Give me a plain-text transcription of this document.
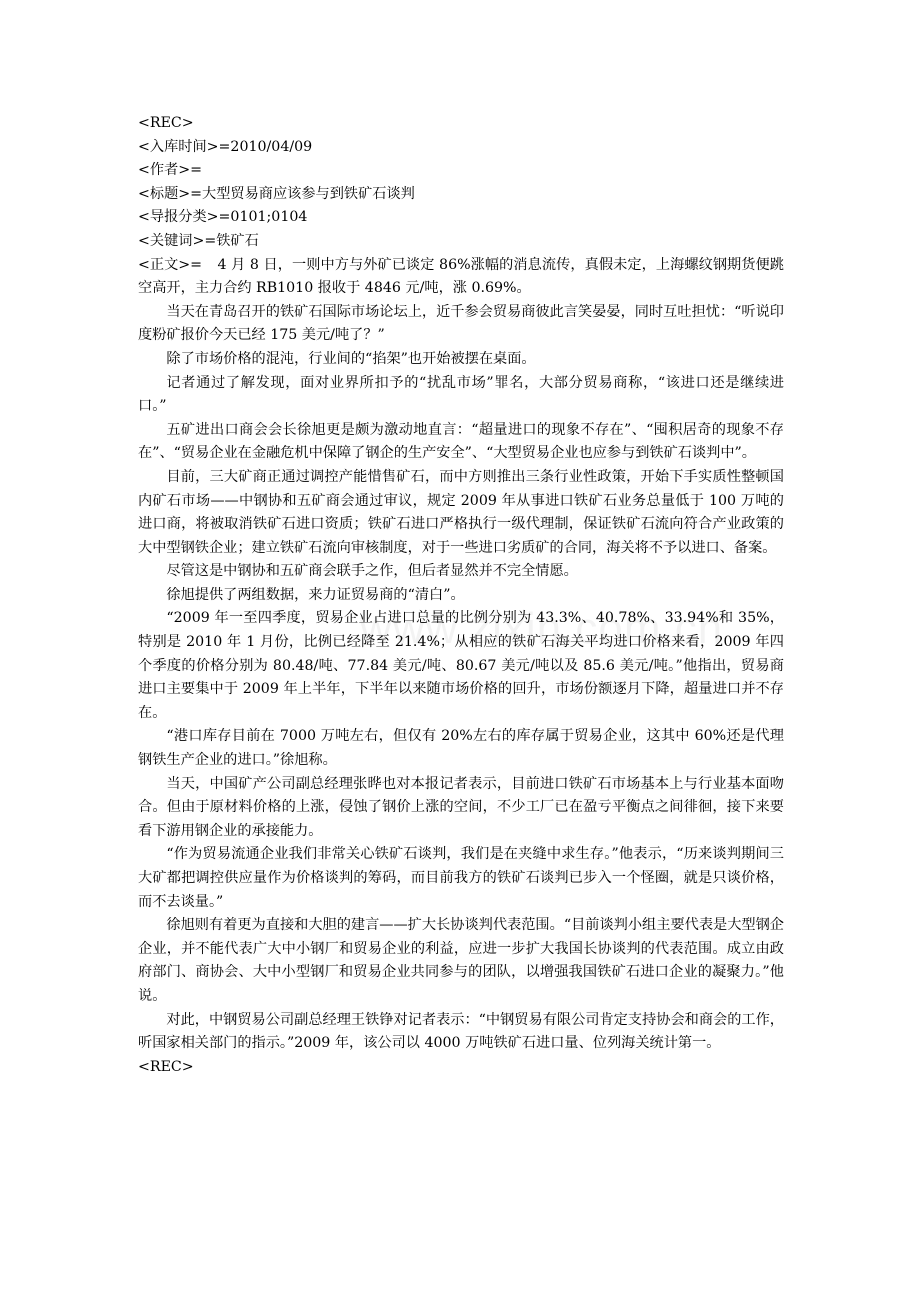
<REC>
<入库时间>=2010/04/09
<作者>=
<标题>=大型贸易商应该参与到铁矿石谈判
<导报分类>=0101;0104
<关键词>=铁矿石

<正文>= 4 月 8 日，一则中方与外矿已谈定 86%涨幅的消息流传，真假未定，上海螺纹钢期货便跳空高开，主力合约 RB1010 报收于 4846 元/吨，涨 0.69%。

当天在青岛召开的铁矿石国际市场论坛上，近千参会贸易商彼此言笑晏晏，同时互吐担忧：“听说印度粉矿报价今天已经 175 美元/吨了？”

除了市场价格的混沌，行业间的“掐架”也开始被摆在桌面。

记者通过了解发现，面对业界所扣予的“扰乱市场”罪名，大部分贸易商称，“该进口还是继续进口。”

五矿进出口商会会长徐旭更是颇为激动地直言：“超量进口的现象不存在”、“囤积居奇的现象不存在”、“贸易企业在金融危机中保障了钢企的生产安全”、“大型贸易企业也应参与到铁矿石谈判中”。

目前，三大矿商正通过调控产能惜售矿石，而中方则推出三条行业性政策，开始下手实质性整顿国内矿石市场——中钢协和五矿商会通过审议，规定 2009 年从事进口铁矿石业务总量低于 100 万吨的进口商，将被取消铁矿石进口资质；铁矿石进口严格执行一级代理制，保证铁矿石流向符合产业政策的大中型钢铁企业；建立铁矿石流向审核制度，对于一些进口劣质矿的合同，海关将不予以进口、备案。

尽管这是中钢协和五矿商会联手之作，但后者显然并不完全情愿。

徐旭提供了两组数据，来力证贸易商的“清白”。

“2009 年一至四季度，贸易企业占进口总量的比例分别为 43.3%、40.78%、33.94%和 35%，特别是 2010 年 1 月份，比例已经降至 21.4%；从相应的铁矿石海关平均进口价格来看，2009 年四个季度的价格分别为 80.48/吨、77.84 美元/吨、80.67 美元/吨以及 85.6 美元/吨。”他指出，贸易商进口主要集中于 2009 年上半年，下半年以来随市场价格的回升，市场份额逐月下降，超量进口并不存在。

“港口库存目前在 7000 万吨左右，但仅有 20%左右的库存属于贸易企业，这其中 60%还是代理钢铁生产企业的进口。”徐旭称。

当天，中国矿产公司副总经理张晔也对本报记者表示，目前进口铁矿石市场基本上与行业基本面吻合。但由于原材料价格的上涨，侵蚀了钢价上涨的空间，不少工厂已在盈亏平衡点之间徘徊，接下来要看下游用钢企业的承接能力。

“作为贸易流通企业我们非常关心铁矿石谈判，我们是在夹缝中求生存。”他表示，“历来谈判期间三大矿都把调控供应量作为价格谈判的筹码，而目前我方的铁矿石谈判已步入一个怪圈，就是只谈价格，而不去谈量。”

徐旭则有着更为直接和大胆的建言——扩大长协谈判代表范围。“目前谈判小组主要代表是大型钢企企业，并不能代表广大中小钢厂和贸易企业的利益，应进一步扩大我国长协谈判的代表范围。成立由政府部门、商协会、大中小型钢厂和贸易企业共同参与的团队，以增强我国铁矿石进口企业的凝聚力。”他说。

对此，中钢贸易公司副总经理王铁铮对记者表示：“中钢贸易有限公司肯定支持协会和商会的工作，听国家相关部门的指示。”2009 年，该公司以 4000 万吨铁矿石进口量、位列海关统计第一。

<REC>
